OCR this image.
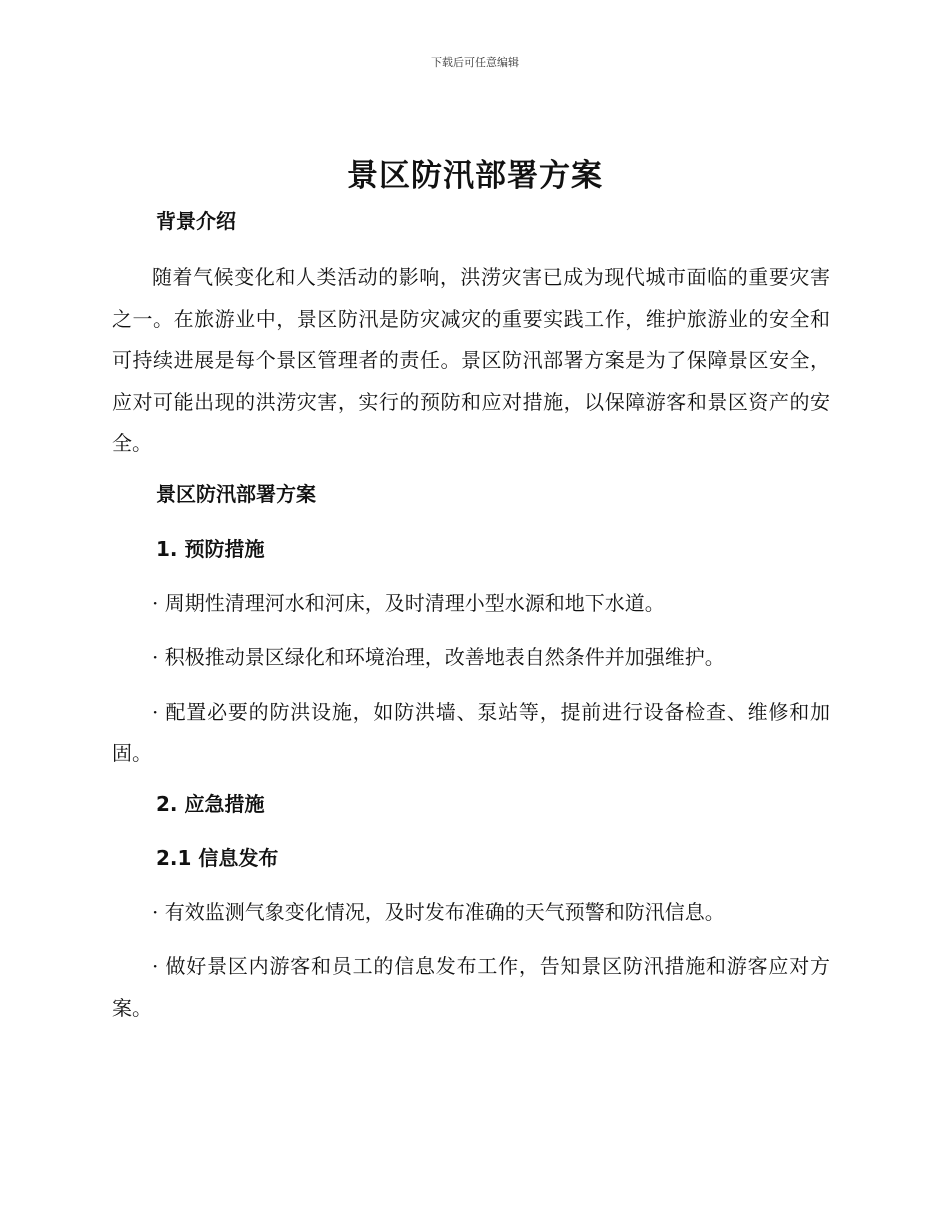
下载后可任意编辑
景区防汛部署方案

背景介绍

随着气候变化和人类活动的影响，洪涝灾害已成为现代城市面临的重要灾害之一。在旅游业中，景区防汛是防灾减灾的重要实践工作，维护旅游业的安全和可持续进展是每个景区管理者的责任。景区防汛部署方案是为了保障景区安全，应对可能出现的洪涝灾害，实行的预防和应对措施，以保障游客和景区资产的安全。

景区防汛部署方案

1. 预防措施

· 周期性清理河水和河床，及时清理小型水源和地下水道。

· 积极推动景区绿化和环境治理，改善地表自然条件并加强维护。

· 配置必要的防洪设施，如防洪墙、泵站等，提前进行设备检查、维修和加固。

2. 应急措施

2.1 信息发布

· 有效监测气象变化情况，及时发布准确的天气预警和防汛信息。

· 做好景区内游客和员工的信息发布工作，告知景区防汛措施和游客应对方案。
